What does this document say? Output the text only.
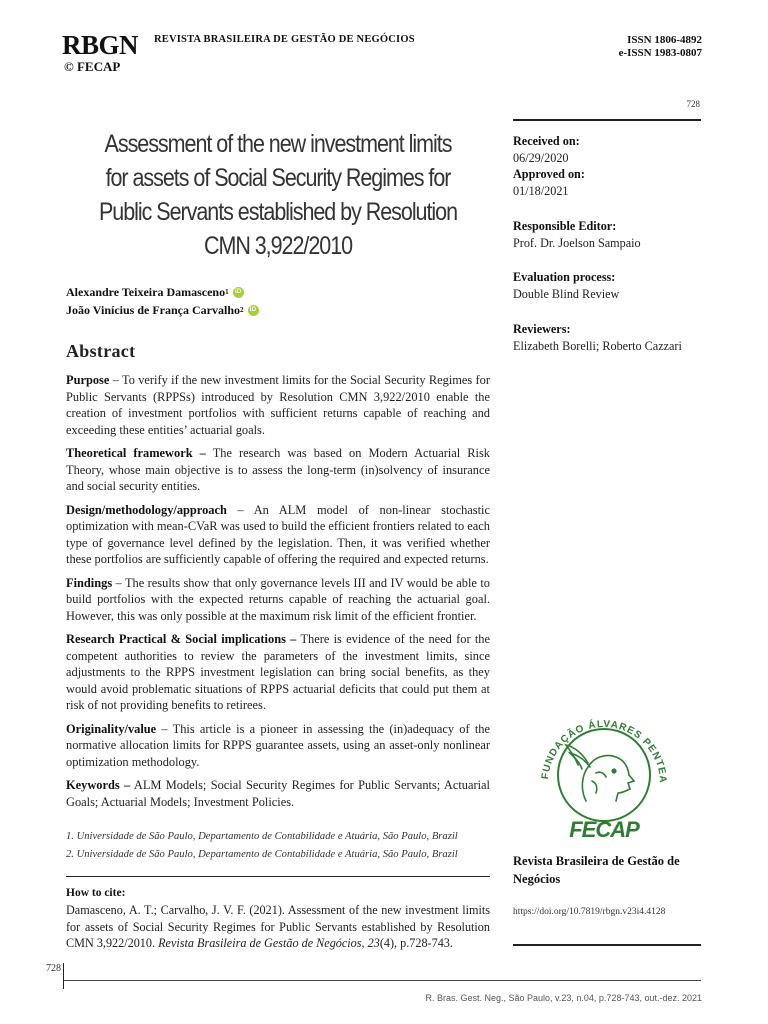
RBGN REVISTA BRASILEIRA DE GESTÃO DE NEGÓCIOS
© FECAP
ISSN 1806-4892
e-ISSN 1983-0807
728
Assessment of the new investment limits for assets of Social Security Regimes for Public Servants established by Resolution CMN 3,922/2010
Alexandre Teixeira Damasceno 1 iD
João Vinícius de França Carvalho 2 iD
Abstract

Purpose – To verify if the new investment limits for the Social Security Regimes for Public Servants (RPPSs) introduced by Resolution CMN 3,922/2010 enable the creation of investment portfolios with sufficient returns capable of reaching and exceeding these entities’ actuarial goals.

Theoretical framework – The research was based on Modern Actuarial Risk Theory, whose main objective is to assess the long-term (in)solvency of insurance and social security entities.

Design/methodology/approach – An ALM model of non-linear stochastic optimization with mean-CVaR was used to build the efficient frontiers related to each type of governance level defined by the legislation. Then, it was verified whether these portfolios are sufficiently capable of offering the required and expected returns.

Findings – The results show that only governance levels III and IV would be able to build portfolios with the expected returns capable of reaching the actuarial goal. However, this was only possible at the maximum risk limit of the efficient frontier.

Research Practical & Social implications – There is evidence of the need for the competent authorities to review the parameters of the investment limits, since adjustments to the RPPS investment legislation can bring social benefits, as they would avoid problematic situations of RPPS actuarial deficits that could put them at risk of not providing benefits to retirees.

Originality/value – This article is a pioneer in assessing the (in)adequacy of the normative allocation limits for RPPS guarantee assets, using an asset-only nonlinear optimization methodology.

Keywords – ALM Models; Social Security Regimes for Public Servants; Actuarial Goals; Actuarial Models; Investment Policies.

1. Universidade de São Paulo, Departamento de Contabilidade e Atuária, São Paulo, Brazil
2. Universidade de São Paulo, Departamento de Contabilidade e Atuária, São Paulo, Brazil
How to cite:
Damasceno, A. T.; Carvalho, J. V. F. (2021). Assessment of the new investment limits for assets of Social Security Regimes for Public Servants established by Resolution CMN 3,922/2010. Revista Brasileira de Gestão de Negócios, 23(4), p.728-743.
Received on:
06/29/2020
Approved on:
01/18/2021
Responsible Editor:
Prof. Dr. Joelson Sampaio
Evaluation process:
Double Blind Review
Reviewers:
Elizabeth Borelli; Roberto Cazzari
FUNDAÇÃO ÁLVARES PENTEA
FECAP
Revista Brasileira de Gestão de Negócios
https://doi.org/10.7819/rbgn.v23i4.4128
728
R. Bras. Gest. Neg., São Paulo, v.23, n.04, p.728-743, out.-dez. 2021
